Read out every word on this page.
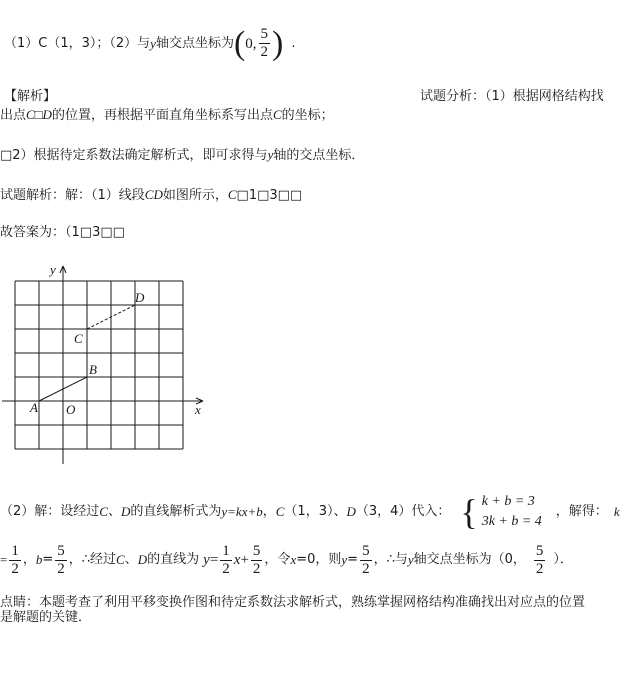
（1）C（1，3）；（2）与 y 轴交点坐标为 ( 0, $\frac{5}{2}$ ) .
【解析】	试题分析：（1）根据网格结构找
出点C□D的位置，再根据平面直角坐标系写出点C的坐标；
□2）根据待定系数法确定解析式，即可求得与y轴的交点坐标．
试题解析：解：（1）线段CD如图所示，C□1□3□□
故答案为：（1□3□□
x
y
A O
B
C
D
（2）解：设经过 C 、 D 的直线解析式为 y=kx+b ， C （1，3）、 D （3，4）代入： { k + b = 3
3k + b = 4
，解得： k
= $\frac{1}{2}$ ， $b = \frac{5}{2}$ ，∴经过 C 、 D 的直线为 $y = \frac{1}{2}$ $x + \frac{5}{2}$ ，令 x =0，则 $y = \frac{5}{2}$ ，∴与 y 轴交点坐标为（0， $\frac{5}{2}$ ）．
点睛：本题考查了利用平移变换作图和待定系数法求解析式，熟练掌握网格结构准确找出对应点的位置
是解题的关键．
